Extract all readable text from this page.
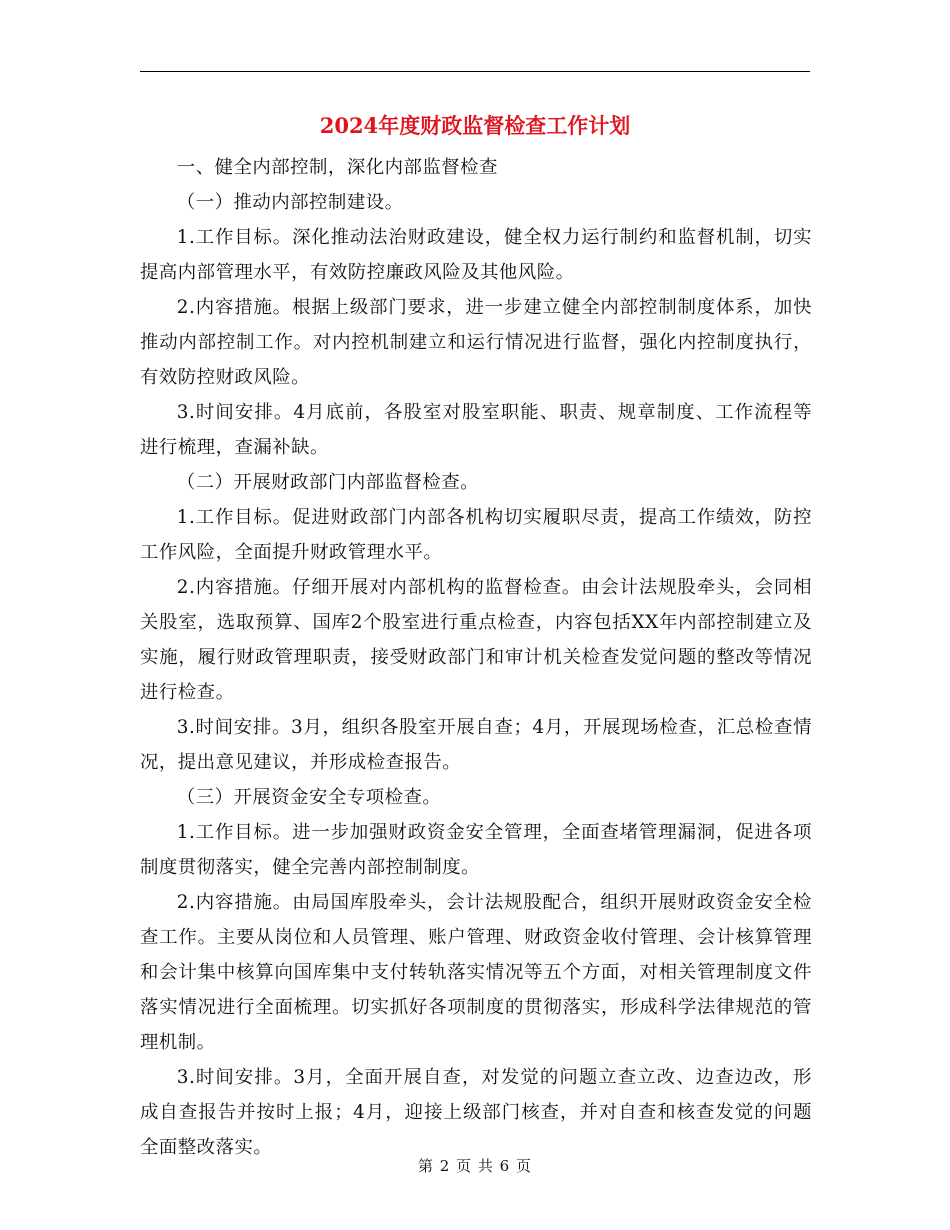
2024年度财政监督检查工作计划

一、健全内部控制，深化内部监督检查

（一）推动内部控制建设。

1.工作目标。深化推动法治财政建设，健全权力运行制约和监督机制，切实提高内部管理水平，有效防控廉政风险及其他风险。

2.内容措施。根据上级部门要求，进一步建立健全内部控制制度体系，加快推动内部控制工作。对内控机制建立和运行情况进行监督，强化内控制度执行，有效防控财政风险。

3.时间安排。4月底前，各股室对股室职能、职责、规章制度、工作流程等进行梳理，查漏补缺。

（二）开展财政部门内部监督检查。

1.工作目标。促进财政部门内部各机构切实履职尽责，提高工作绩效，防控工作风险，全面提升财政管理水平。

2.内容措施。仔细开展对内部机构的监督检查。由会计法规股牵头，会同相关股室，选取预算、国库2个股室进行重点检查，内容包括XX年内部控制建立及实施，履行财政管理职责，接受财政部门和审计机关检查发觉问题的整改等情况进行检查。

3.时间安排。3月，组织各股室开展自查；4月，开展现场检查，汇总检查情况，提出意见建议，并形成检查报告。

（三）开展资金安全专项检查。

1.工作目标。进一步加强财政资金安全管理，全面查堵管理漏洞，促进各项制度贯彻落实，健全完善内部控制制度。

2.内容措施。由局国库股牵头，会计法规股配合，组织开展财政资金安全检查工作。主要从岗位和人员管理、账户管理、财政资金收付管理、会计核算管理和会计集中核算向国库集中支付转轨落实情况等五个方面，对相关管理制度文件落实情况进行全面梳理。切实抓好各项制度的贯彻落实，形成科学法律规范的管理机制。

3.时间安排。3月，全面开展自查，对发觉的问题立查立改、边查边改，形成自查报告并按时上报；4月，迎接上级部门核查，并对自查和核查发觉的问题全面整改落实。

第 2 页 共 6 页
